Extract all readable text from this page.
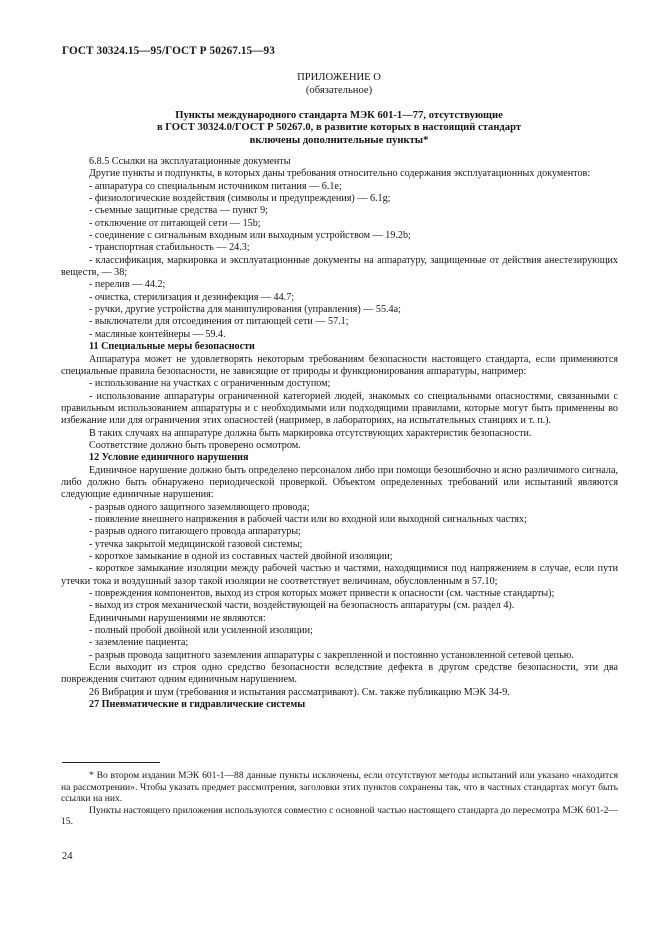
ГОСТ 30324.15—95/ГОСТ Р 50267.15—93
ПРИЛОЖЕНИЕ О
(обязательное)
Пункты международного стандарта МЭК 601-1—77, отсутствующие
в ГОСТ 30324.0/ГОСТ Р 50267.0, в развитие которых в настоящий стандарт
включены дополнительные пункты*

6.8.5 Ссылки на эксплуатационные документы

Другие пункты и подпункты, в которых даны требования относительно содержания эксплуатационных документов:

- аппаратура со специальным источником питания — 6.1е;

- физиологические воздействия (символы и предупреждения) — 6.1g;

- съемные защитные средства — пункт 9;

- отключение от питающей сети — 15b;

- соединение с сигнальным входным или выходным устройством — 19.2b;

- транспортная стабильность — 24.3;

- классификация, маркировка и эксплуатационные документы на аппаратуру, защищенные от действия анестезирующих веществ, — 38;

- перелив — 44.2;

- очистка, стерилизация и дезинфекция — 44.7;

- ручки, другие устройства для манипулирования (управления) — 55.4а;

- выключатели для отсоединения от питающей сети — 57.1;

- масляные контейнеры — 59.4.

11 Специальные меры безопасности

Аппаратура может не удовлетворять некоторым требованиям безопасности настоящего стандарта, если применяются специальные правила безопасности, не зависящие от природы и функционирования аппаратуры, например:

- использование на участках с ограниченным доступом;

- использование аппаратуры ограниченной категорией людей, знакомых со специальными опасностями, связанными с правильным использованием аппаратуры и с необходимыми или подходящими правилами, которые могут быть применены во избежание или для ограничения этих опасностей (например, в лабораториях, на испытательных станциях и т. п.).

В таких случаях на аппаратуре должна быть маркировка отсутствующих характеристик безопасности.

Соответствие должно быть проверено осмотром.

12 Условие единичного нарушения

Единичное нарушение должно быть определено персоналом либо при помощи безошибочно и ясно различимого сигнала, либо должно быть обнаружено периодической проверкой. Объектом определенных требований или испытаний являются следующие единичные нарушения:

- разрыв одного защитного заземляющего провода;

- появление внешнего напряжения в рабочей части или во входной или выходной сигнальных частях;

- разрыв одного питающего провода аппаратуры;

- утечка закрытой медицинской газовой системы;

- короткое замыкание в одной из составных частей двойной изоляции;

- короткое замыкание изоляции между рабочей частью и частями, находящимися под напряжением в случае, если пути утечки тока и воздушный зазор такой изоляции не соответствует величинам, обусловленным в 57.10;

- повреждения компонентов, выход из строя которых может привести к опасности (см. частные стандарты);

- выход из строя механической части, воздействующей на безопасность аппаратуры (см. раздел 4).

Единичными нарушениями не являются:

- полный пробой двойной или усиленной изоляции;

- заземление пациента;

- разрыв провода защитного заземления аппаратуры с закрепленной и постоянно установленной сетевой цепью.

Если выходит из строя одно средство безопасности вследствие дефекта в другом средстве безопасности, эти два повреждения считают одним единичным нарушением.

26 Вибрация и шум (требования и испытания рассматривают). См. также публикацию МЭК 34-9.

27 Пневматические и гидравлические системы

* Во втором издании МЭК 601-1—88 данные пункты исключены, если отсутствуют методы испытаний или указано «находится на рассмотрении». Чтобы указать предмет рассмотрения, заголовки этих пунктов сохранены так, что в частных стандартах могут быть ссылки на них.

Пункты настоящего приложения используются совместно с основной частью настоящего стандарта до пересмотра МЭК 601-2—15.

24
